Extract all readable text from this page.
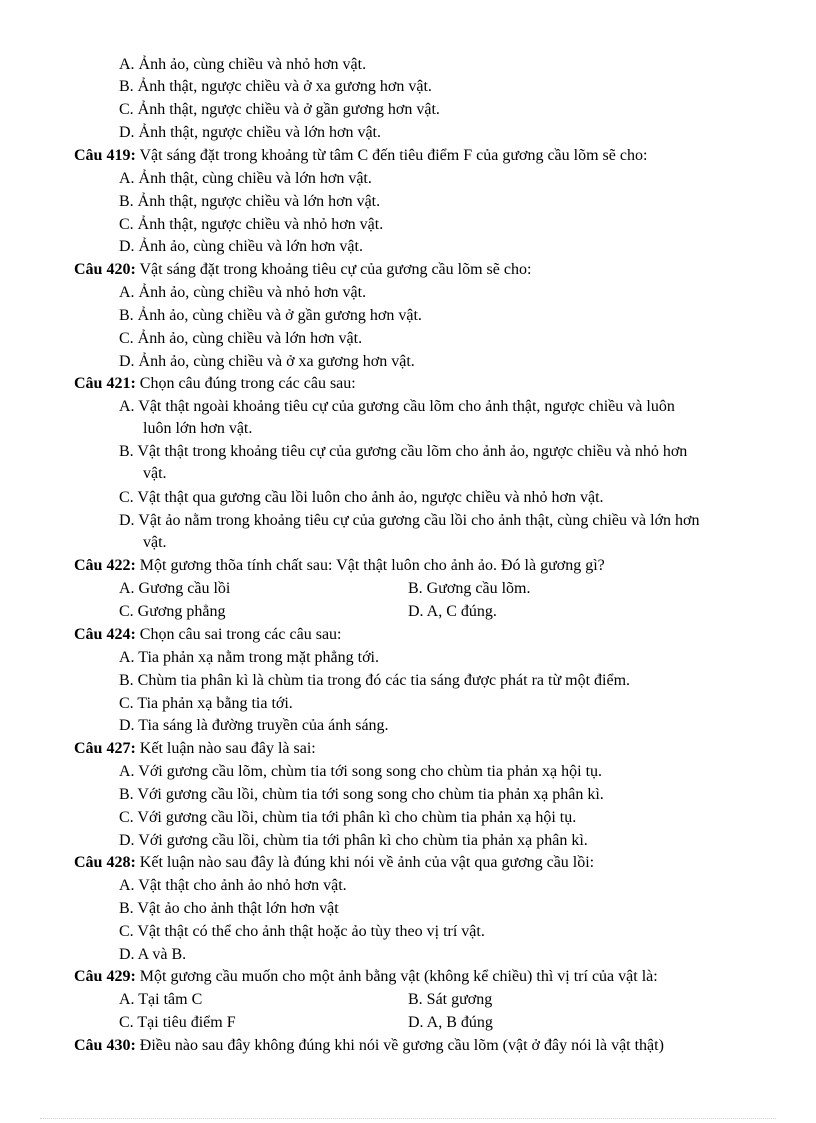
A. Ảnh ảo, cùng chiều và nhỏ hơn vật.
B. Ảnh thật, ngược chiều và ở xa gương hơn vật.
C. Ảnh thật, ngược chiều và ở gần gương hơn vật.
D. Ảnh thật, ngược chiều và lớn hơn vật.
Câu 419: Vật sáng đặt trong khoảng từ tâm C đến tiêu điểm F của gương cầu lõm sẽ cho:
A. Ảnh thật, cùng chiều và lớn hơn vật.
B. Ảnh thật, ngược chiều và lớn hơn vật.
C. Ảnh thật, ngược chiều và nhỏ hơn vật.
D. Ảnh ảo, cùng chiều và lớn hơn vật.
Câu 420: Vật sáng đặt trong khoảng tiêu cự của gương cầu lõm sẽ cho:
A. Ảnh ảo, cùng chiều và nhỏ hơn vật.
B. Ảnh ảo, cùng chiều và ở gần gương hơn vật.
C. Ảnh ảo, cùng chiều và lớn hơn vật.
D. Ảnh ảo, cùng chiều và ở xa gương hơn vật.
Câu 421: Chọn câu đúng trong các câu sau:
A. Vật thật ngoài khoảng tiêu cự của gương cầu lõm cho ảnh thật, ngược chiều và luôn
luôn lớn hơn vật.
B. Vật thật trong khoảng tiêu cự của gương cầu lõm cho ảnh ảo, ngược chiều và nhỏ hơn
vật.
C. Vật thật qua gương cầu lồi luôn cho ảnh ảo, ngược chiều và nhỏ hơn vật.
D. Vật ảo nằm trong khoảng tiêu cự của gương cầu lồi cho ảnh thật, cùng chiều và lớn hơn
vật.
Câu 422: Một gương thõa tính chất sau: Vật thật luôn cho ảnh ảo. Đó là gương gì?
A. Gương cầu lồi	B. Gương cầu lõm.
C. Gương phẳng	D. A, C đúng.
Câu 424: Chọn câu sai trong các câu sau:
A. Tia phản xạ nằm trong mặt phẳng tới.
B. Chùm tia phân kì là chùm tia trong đó các tia sáng được phát ra từ một điểm.
C. Tia phản xạ bằng tia tới.
D. Tia sáng là đường truyền của ánh sáng.
Câu 427: Kết luận nào sau đây là sai:
A. Với gương cầu lõm, chùm tia tới song song cho chùm tia phản xạ hội tụ.
B. Với gương cầu lồi, chùm tia tới song song cho chùm tia phản xạ phân kì.
C. Với gương cầu lồi, chùm tia tới phân kì cho chùm tia phản xạ hội tụ.
D. Với gương cầu lồi, chùm tia tới phân kì cho chùm tia phản xạ phân kì.
Câu 428: Kết luận nào sau đây là đúng khi nói về ảnh của vật qua gương cầu lồi:
A. Vật thật cho ảnh ảo nhỏ hơn vật.
B. Vật ảo cho ảnh thật lớn hơn vật
C. Vật thật có thể cho ảnh thật hoặc ảo tùy theo vị trí vật.
D. A và B.
Câu 429: Một gương cầu muốn cho một ảnh bằng vật (không kể chiều) thì vị trí của vật là:
A. Tại tâm C	B. Sát gương
C. Tại tiêu điểm F	D. A, B đúng
Câu 430: Điều nào sau đây không đúng khi nói về gương cầu lõm (vật ở đây nói là vật thật)
